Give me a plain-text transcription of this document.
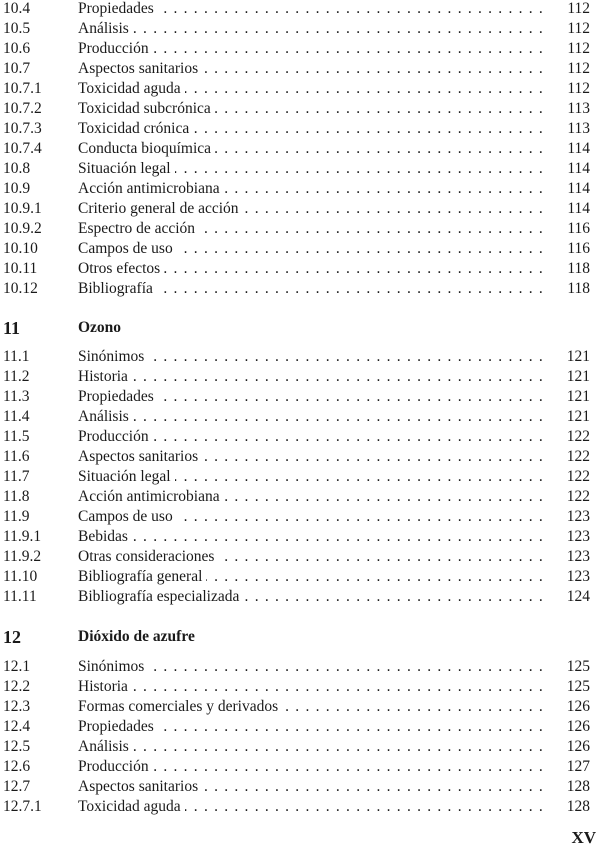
10.4	Propiedades . . .	112
10.5	Análisis . . .	112
10.6	Producción . . .	112
10.7	Aspectos sanitarios . . .	112
10.7.1	Toxicidad aguda . . .	112
10.7.2	Toxicidad subcrónica . . .	113
10.7.3	Toxicidad crónica . . .	113
10.7.4	Conducta bioquímica . . .	114
10.8	Situación legal . . .	114
10.9	Acción antimicrobiana . . .	114
10.9.1	Criterio general de acción . . .	114
10.9.2	Espectro de acción . . .	116
10.10	Campos de uso . . .	116
10.11	Otros efectos . . .	118
10.12	Bibliografía . . .	118
11	Ozono
11.1	Sinónimos . . .	121
11.2	Historia . . .	121
11.3	Propiedades . . .	121
11.4	Análisis . . .	121
11.5	Producción . . .	122
11.6	Aspectos sanitarios . . .	122
11.7	Situación legal . . .	122
11.8	Acción antimicrobiana . . .	122
11.9	Campos de uso . . .	123
11.9.1	Bebidas . . .	123
11.9.2	Otras consideraciones . . .	123
11.10	Bibliografía general . . .	123
11.11	Bibliografía especializada . . .	124
12	Dióxido de azufre
12.1	Sinónimos . . .	125
12.2	Historia . . .	125
12.3	Formas comerciales y derivados . . .	126
12.4	Propiedades . . .	126
12.5	Análisis . . .	126
12.6	Producción . . .	127
12.7	Aspectos sanitarios . . .	128
12.7.1	Toxicidad aguda . . .	128
XV
